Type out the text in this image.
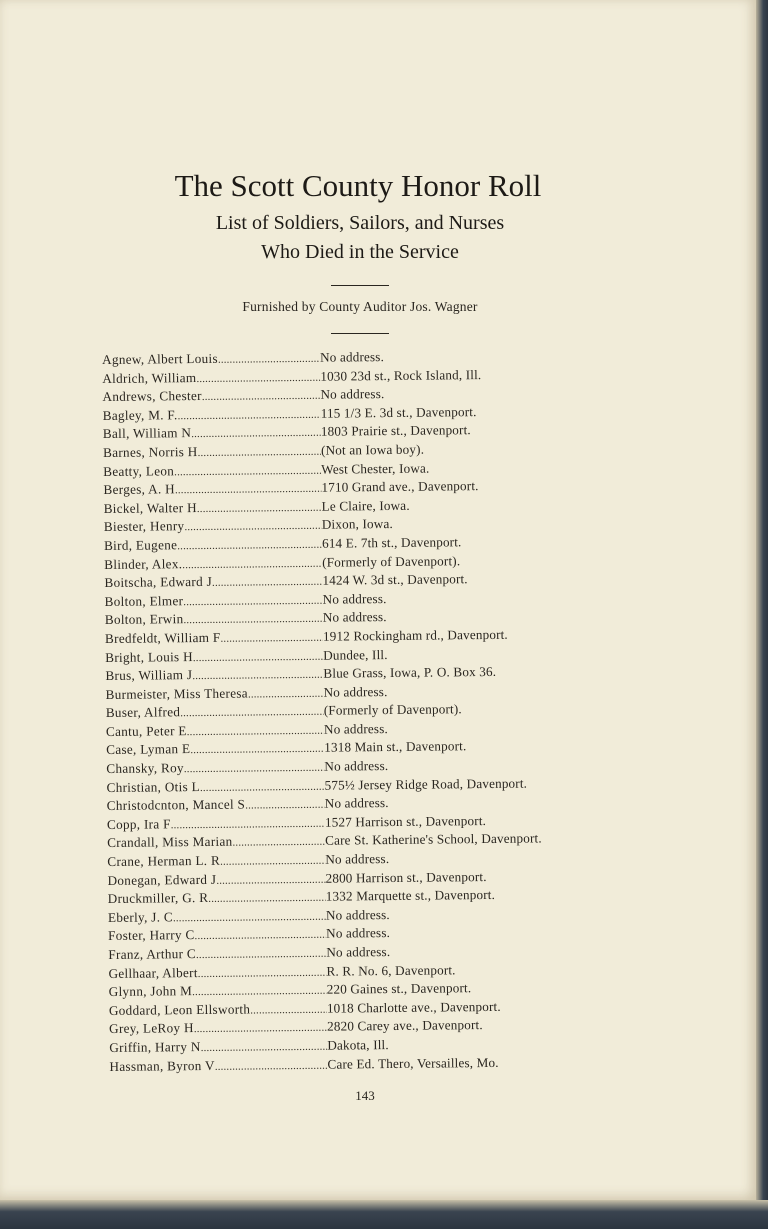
The Scott County Honor Roll
List of Soldiers, Sailors, and Nurses
Who Died in the Service
Furnished by County Auditor Jos. Wagner
Agnew, Albert Louis . . .	No address.
Aldrich, William . . .	1030 23d st., Rock Island, Ill.
Andrews, Chester . . .	No address.
Bagley, M. F. . . .	115 1/3 E. 3d st., Davenport.
Ball, William N . . .	1803 Prairie st., Davenport.
Barnes, Norris H . . .	(Not an Iowa boy).
Beatty, Leon . . .	West Chester, Iowa.
Berges, A. H . . .	1710 Grand ave., Davenport.
Bickel, Walter H . . .	Le Claire, Iowa.
Biester, Henry . . .	Dixon, Iowa.
Bird, Eugene . . .	614 E. 7th st., Davenport.
Blinder, Alex. . . .	(Formerly of Davenport).
Boitscha, Edward J . . .	1424 W. 3d st., Davenport.
Bolton, Elmer . . .	No address.
Bolton, Erwin . . .	No address.
Bredfeldt, William F . . .	1912 Rockingham rd., Davenport.
Bright, Louis H . . .	Dundee, Ill.
Brus, William J . . .	Blue Grass, Iowa, P. O. Box 36.
Burmeister, Miss Theresa . . .	No address.
Buser, Alfred . . .	(Formerly of Davenport).
Cantu, Peter E . . .	No address.
Case, Lyman E . . .	1318 Main st., Davenport.
Chansky, Roy . . .	No address.
Christian, Otis L . . .	575½ Jersey Ridge Road, Davenport.
Christodcnton, Mancel S . . .	No address.
Copp, Ira F . . .	1527 Harrison st., Davenport.
Crandall, Miss Marian . . .	Care St. Katherine's School, Davenport.
Crane, Herman L. R . . .	No address.
Donegan, Edward J . . .	2800 Harrison st., Davenport.
Druckmiller, G. R . . .	1332 Marquette st., Davenport.
Eberly, J. C . . .	No address.
Foster, Harry C . . .	No address.
Franz, Arthur C . . .	No address.
Gellhaar, Albert . . .	R. R. No. 6, Davenport.
Glynn, John M . . .	220 Gaines st., Davenport.
Goddard, Leon Ellsworth . . .	1018 Charlotte ave., Davenport.
Grey, LeRoy H . . .	2820 Carey ave., Davenport.
Griffin, Harry N . . .	Dakota, Ill.
Hassman, Byron V . . .	Care Ed. Thero, Versailles, Mo.
143
